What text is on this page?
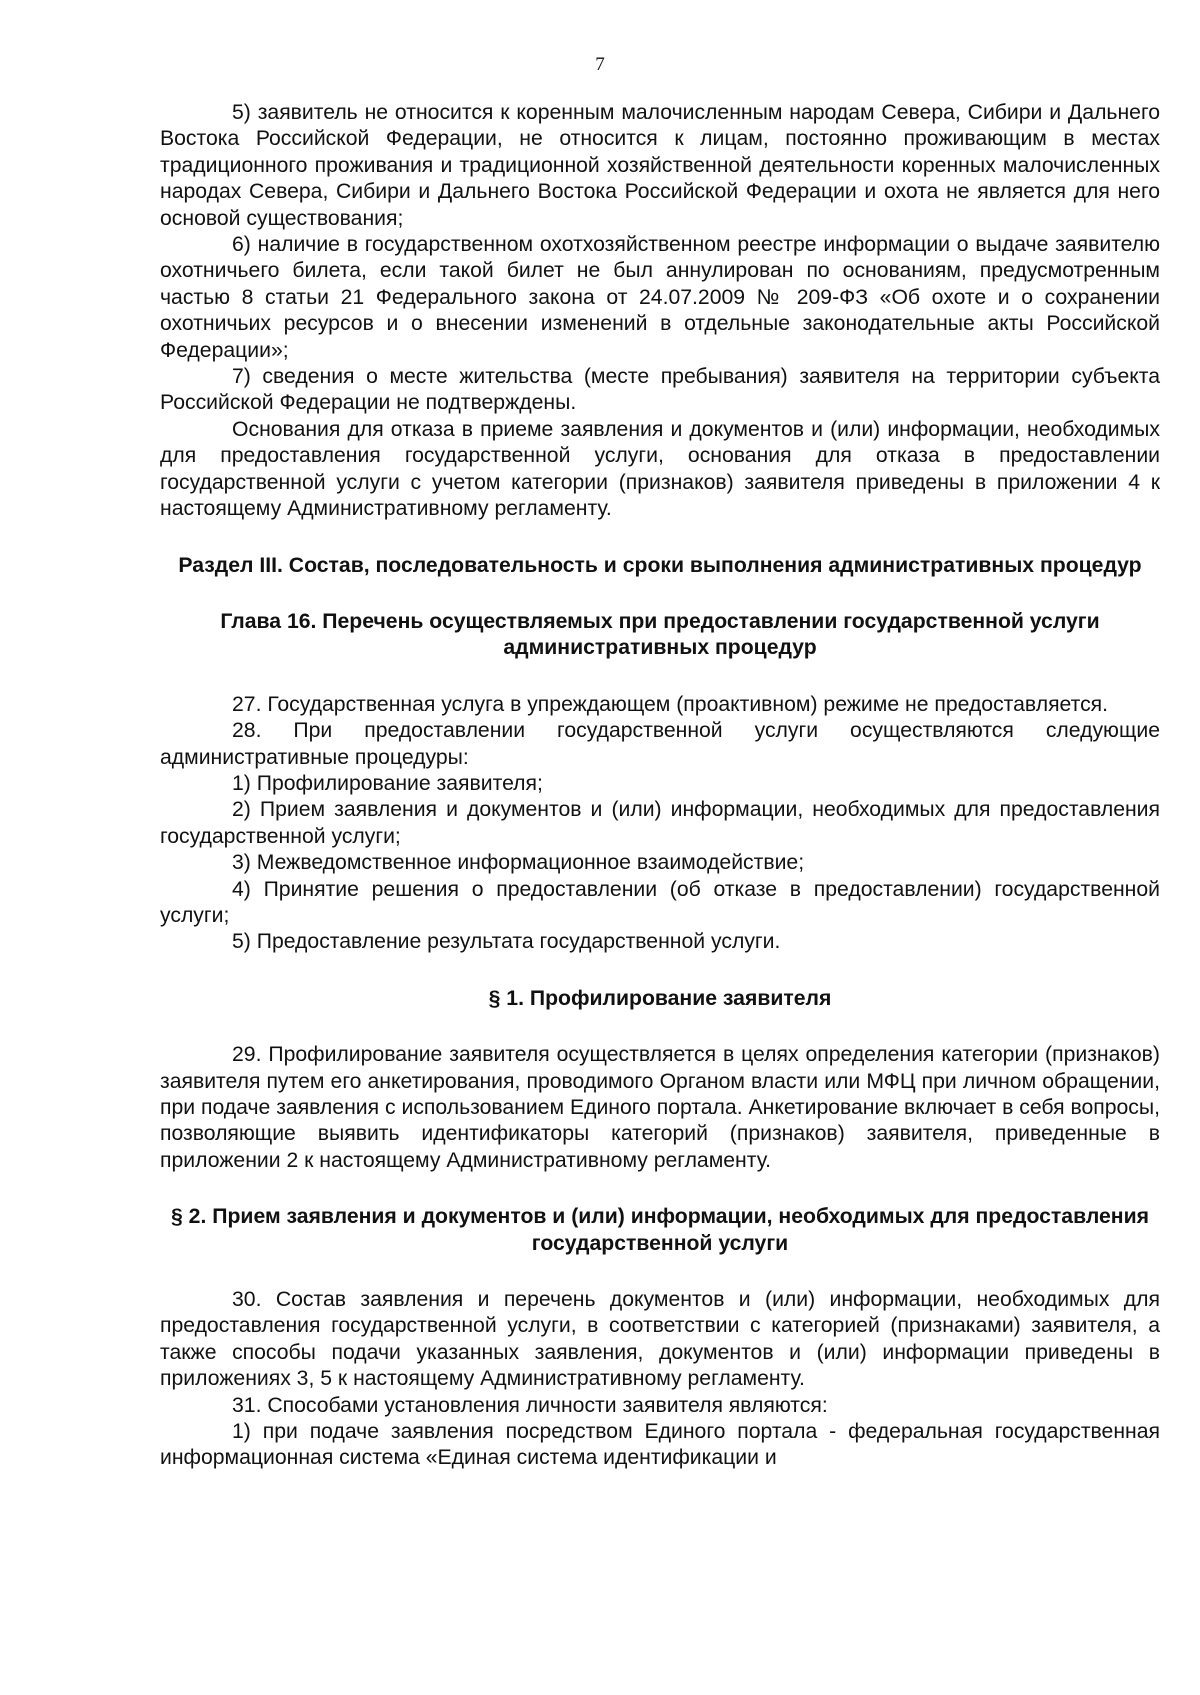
7

5) заявитель не относится к коренным малочисленным народам Севера, Сибири и Дальнего Востока Российской Федерации, не относится к лицам, постоянно проживающим в местах традиционного проживания и традиционной хозяйственной деятельности коренных малочисленных народах Севера, Сибири и Дальнего Востока Российской Федерации и охота не является для него основой существования;

6) наличие в государственном охотхозяйственном реестре информации о выдаче заявителю охотничьего билета, если такой билет не был аннулирован по основаниям, предусмотренным частью 8 статьи 21 Федерального закона от 24.07.2009 № 209-ФЗ «Об охоте и о сохранении охотничьих ресурсов и о внесении изменений в отдельные законодательные акты Российской Федерации»;

7) сведения о месте жительства (месте пребывания) заявителя на территории субъекта Российской Федерации не подтверждены.

Основания для отказа в приеме заявления и документов и (или) информации, необходимых для предоставления государственной услуги, основания для отказа в предоставлении государственной услуги с учетом категории (признаков) заявителя приведены в приложении 4 к настоящему Административному регламенту.

Раздел III. Состав, последовательность и сроки выполнения административных процедур
Глава 16. Перечень осуществляемых при предоставлении государственной услуги административных процедур

27. Государственная услуга в упреждающем (проактивном) режиме не предоставляется.

28. При предоставлении государственной услуги осуществляются следующие административные процедуры:

1) Профилирование заявителя;

2) Прием заявления и документов и (или) информации, необходимых для предоставления государственной услуги;

3) Межведомственное информационное взаимодействие;

4) Принятие решения о предоставлении (об отказе в предоставлении) государственной услуги;

5) Предоставление результата государственной услуги.

§ 1. Профилирование заявителя

29. Профилирование заявителя осуществляется в целях определения категории (признаков) заявителя путем его анкетирования, проводимого Органом власти или МФЦ при личном обращении, при подаче заявления с использованием Единого портала. Анкетирование включает в себя вопросы, позволяющие выявить идентификаторы категорий (признаков) заявителя, приведенные в приложении 2 к настоящему Административному регламенту.

§ 2. Прием заявления и документов и (или) информации, необходимых для предоставления государственной услуги

30. Состав заявления и перечень документов и (или) информации, необходимых для предоставления государственной услуги, в соответствии с категорией (признаками) заявителя, а также способы подачи указанных заявления, документов и (или) информации приведены в приложениях 3, 5 к настоящему Административному регламенту.

31. Способами установления личности заявителя являются:

1) при подаче заявления посредством Единого портала - федеральная государственная информационная система «Единая система идентификации и
